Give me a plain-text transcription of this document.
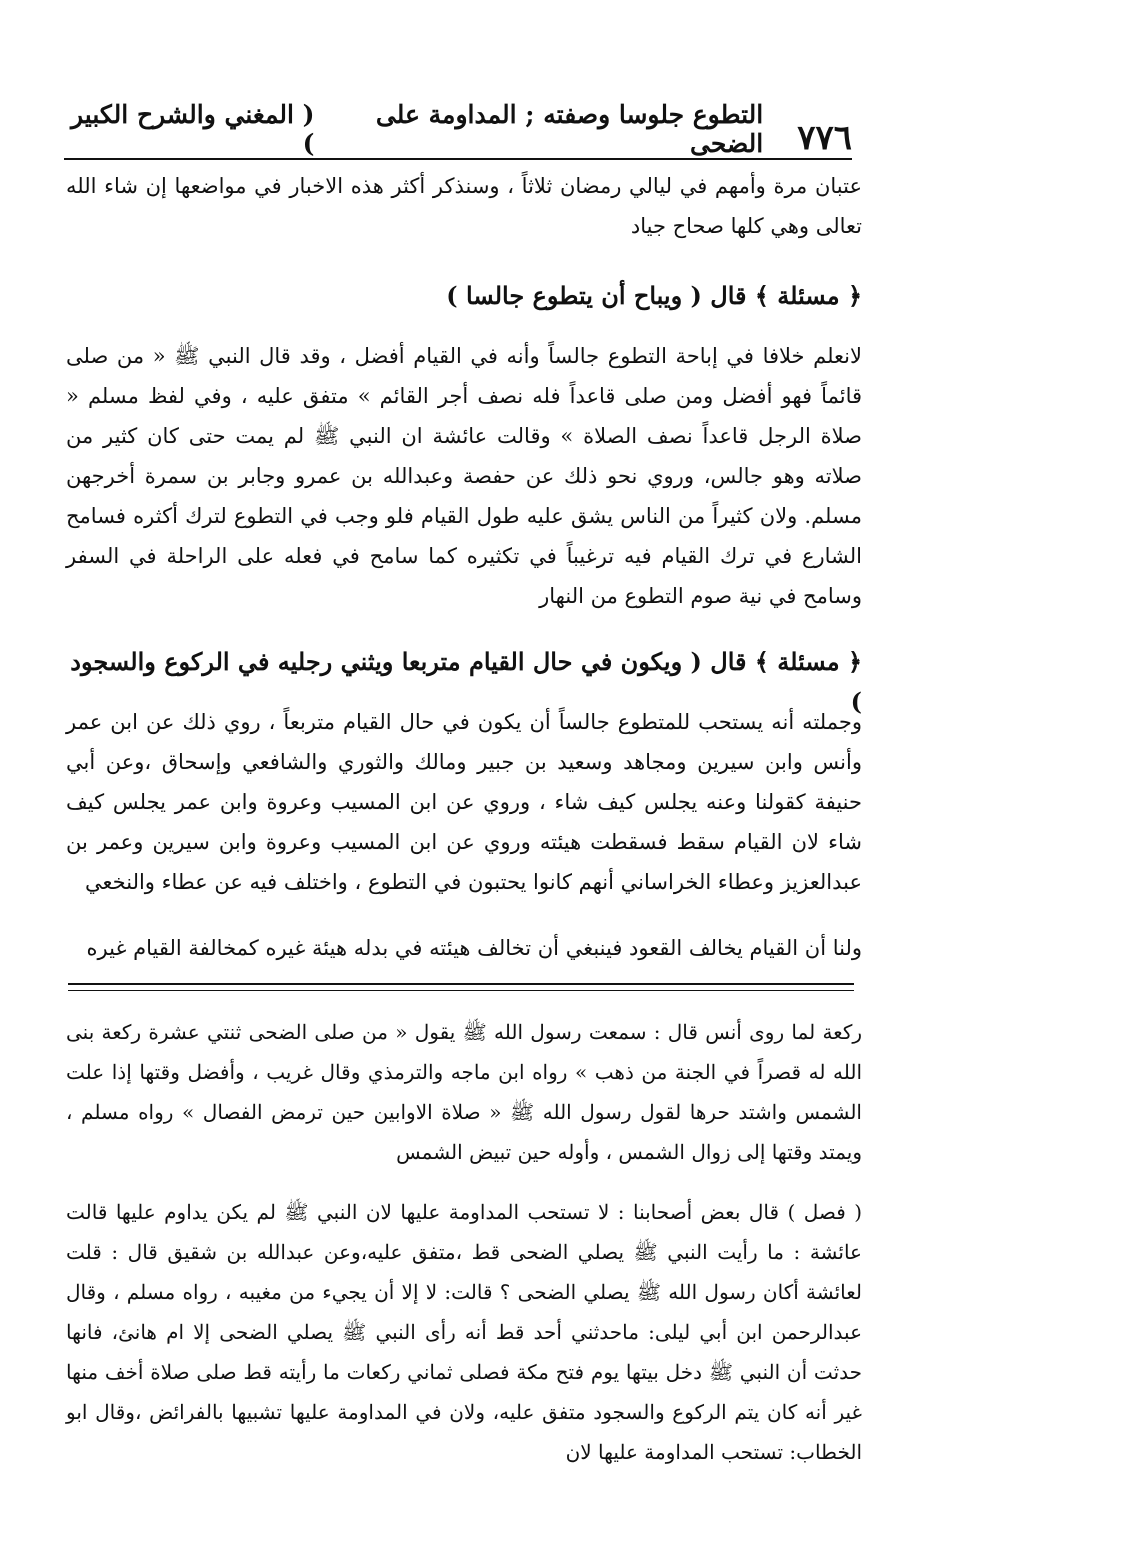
٧٧٦
التطوع جلوسا وصفته ; المداومة على الضحى
( المغني والشرح الكبير )
عتبان مرة وأمهم في ليالي رمضان ثلاثاً ، وسنذكر أكثر هذه الاخبار في مواضعها إن شاء الله تعالى وهي كلها صحاح جياد
﴿ مسئلة ﴾ قال ( ويباح أن يتطوع جالسا )
لانعلم خلافا في إباحة التطوع جالساً وأنه في القيام أفضل ، وقد قال النبي ﷺ « من صلى قائماً فهو أفضل ومن صلى قاعداً فله نصف أجر القائم » متفق عليه ، وفي لفظ مسلم « صلاة الرجل قاعداً نصف الصلاة » وقالت عائشة ان النبي ﷺ لم يمت حتى كان كثير من صلاته وهو جالس، وروي نحو ذلك عن حفصة وعبدالله بن عمرو وجابر بن سمرة أخرجهن مسلم. ولان كثيراً من الناس يشق عليه طول القيام فلو وجب في التطوع لترك أكثره فسامح الشارع في ترك القيام فيه ترغيباً في تكثيره كما سامح في فعله على الراحلة في السفر وسامح في نية صوم التطوع من النهار
﴿ مسئلة ﴾ قال ( ويكون في حال القيام متربعا ويثني رجليه في الركوع والسجود )
وجملته أنه يستحب للمتطوع جالساً أن يكون في حال القيام متربعاً ، روي ذلك عن ابن عمر وأنس وابن سيرين ومجاهد وسعيد بن جبير ومالك والثوري والشافعي وإسحاق ،وعن أبي حنيفة كقولنا وعنه يجلس كيف شاء ، وروي عن ابن المسيب وعروة وابن عمر يجلس كيف شاء لان القيام سقط فسقطت هيئته وروي عن ابن المسيب وعروة وابن سيرين وعمر بن عبدالعزيز وعطاء الخراساني أنهم كانوا يحتبون في التطوع ، واختلف فيه عن عطاء والنخعي
ولنا أن القيام يخالف القعود فينبغي أن تخالف هيئته في بدله هيئة غيره كمخالفة القيام غيره
ركعة لما روى أنس قال : سمعت رسول الله ﷺ يقول « من صلى الضحى ثنتي عشرة ركعة بنى الله له قصراً في الجنة من ذهب » رواه ابن ماجه والترمذي وقال غريب ، وأفضل وقتها إذا علت الشمس واشتد حرها لقول رسول الله ﷺ « صلاة الاوابين حين ترمض الفصال » رواه مسلم ، ويمتد وقتها إلى زوال الشمس ، وأوله حين تبيض الشمس
( فصل ) قال بعض أصحابنا : لا تستحب المداومة عليها لان النبي ﷺ لم يكن يداوم عليها قالت عائشة : ما رأيت النبي ﷺ يصلي الضحى قط ،متفق عليه،وعن عبدالله بن شقيق قال : قلت لعائشة أكان رسول الله ﷺ يصلي الضحى ؟ قالت: لا إلا أن يجيء من مغيبه ، رواه مسلم ، وقال عبدالرحمن ابن أبي ليلى: ماحدثني أحد قط أنه رأى النبي ﷺ يصلي الضحى إلا ام هانئ، فانها حدثت أن النبي ﷺ دخل بيتها يوم فتح مكة فصلى ثماني ركعات ما رأيته قط صلى صلاة أخف منها غير أنه كان يتم الركوع والسجود متفق عليه، ولان في المداومة عليها تشبيها بالفرائض ،وقال ابو الخطاب: تستحب المداومة عليها لان
